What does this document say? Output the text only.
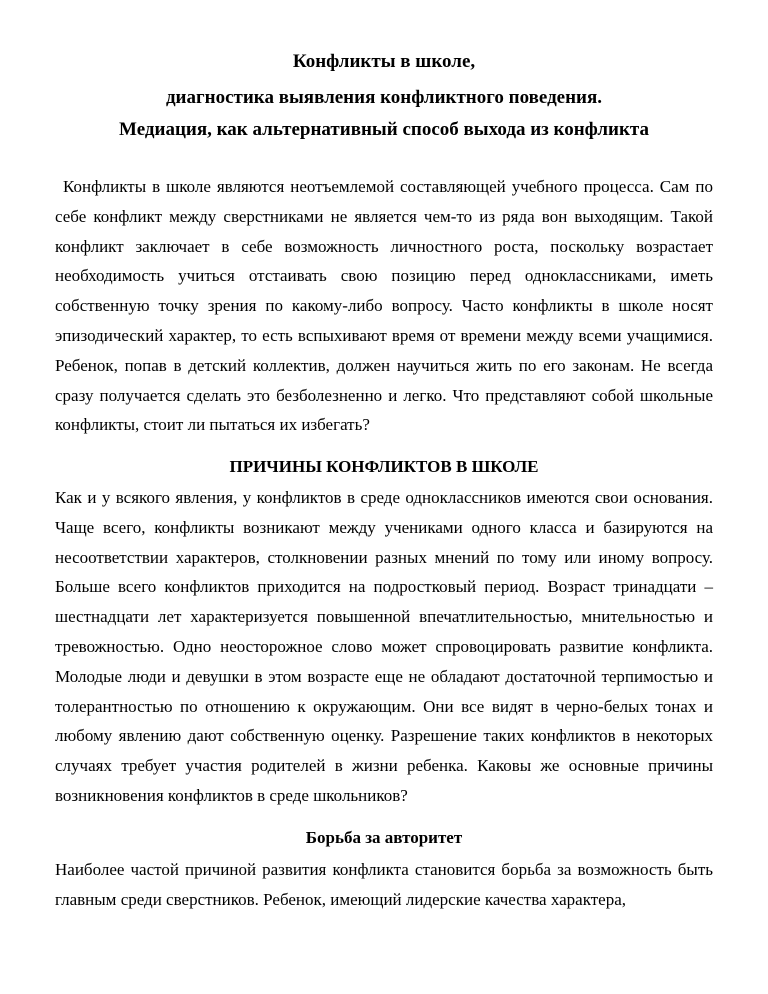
Конфликты в школе,
диагностика выявления конфликтного поведения.
Медиация, как альтернативный способ выхода из конфликта
Конфликты в школе являются неотъемлемой составляющей учебного процесса. Сам по себе конфликт между сверстниками не является чем-то из ряда вон выходящим. Такой конфликт заключает в себе возможность личностного роста, поскольку возрастает необходимость учиться отстаивать свою позицию перед одноклассниками, иметь собственную точку зрения по какому-либо вопросу. Часто конфликты в школе носят эпизодический характер, то есть вспыхивают время от времени между всеми учащимися. Ребенок, попав в детский коллектив, должен научиться жить по его законам. Не всегда сразу получается сделать это безболезненно и легко. Что представляют собой школьные конфликты, стоит ли пытаться их избегать?
ПРИЧИНЫ КОНФЛИКТОВ В ШКОЛЕ
Как и у всякого явления, у конфликтов в среде одноклассников имеются свои основания. Чаще всего, конфликты возникают между учениками одного класса и базируются на несоответствии характеров, столкновении разных мнений по тому или иному вопросу. Больше всего конфликтов приходится на подростковый период. Возраст тринадцати – шестнадцати лет характеризуется повышенной впечатлительностью, мнительностью и тревожностью. Одно неосторожное слово может спровоцировать развитие конфликта. Молодые люди и девушки в этом возрасте еще не обладают достаточной терпимостью и толерантностью по отношению к окружающим. Они все видят в черно-белых тонах и любому явлению дают собственную оценку. Разрешение таких конфликтов в некоторых случаях требует участия родителей в жизни ребенка. Каковы же основные причины возникновения конфликтов в среде школьников?
Борьба за авторитет
Наиболее частой причиной развития конфликта становится борьба за возможность быть главным среди сверстников. Ребенок, имеющий лидерские качества характера,
